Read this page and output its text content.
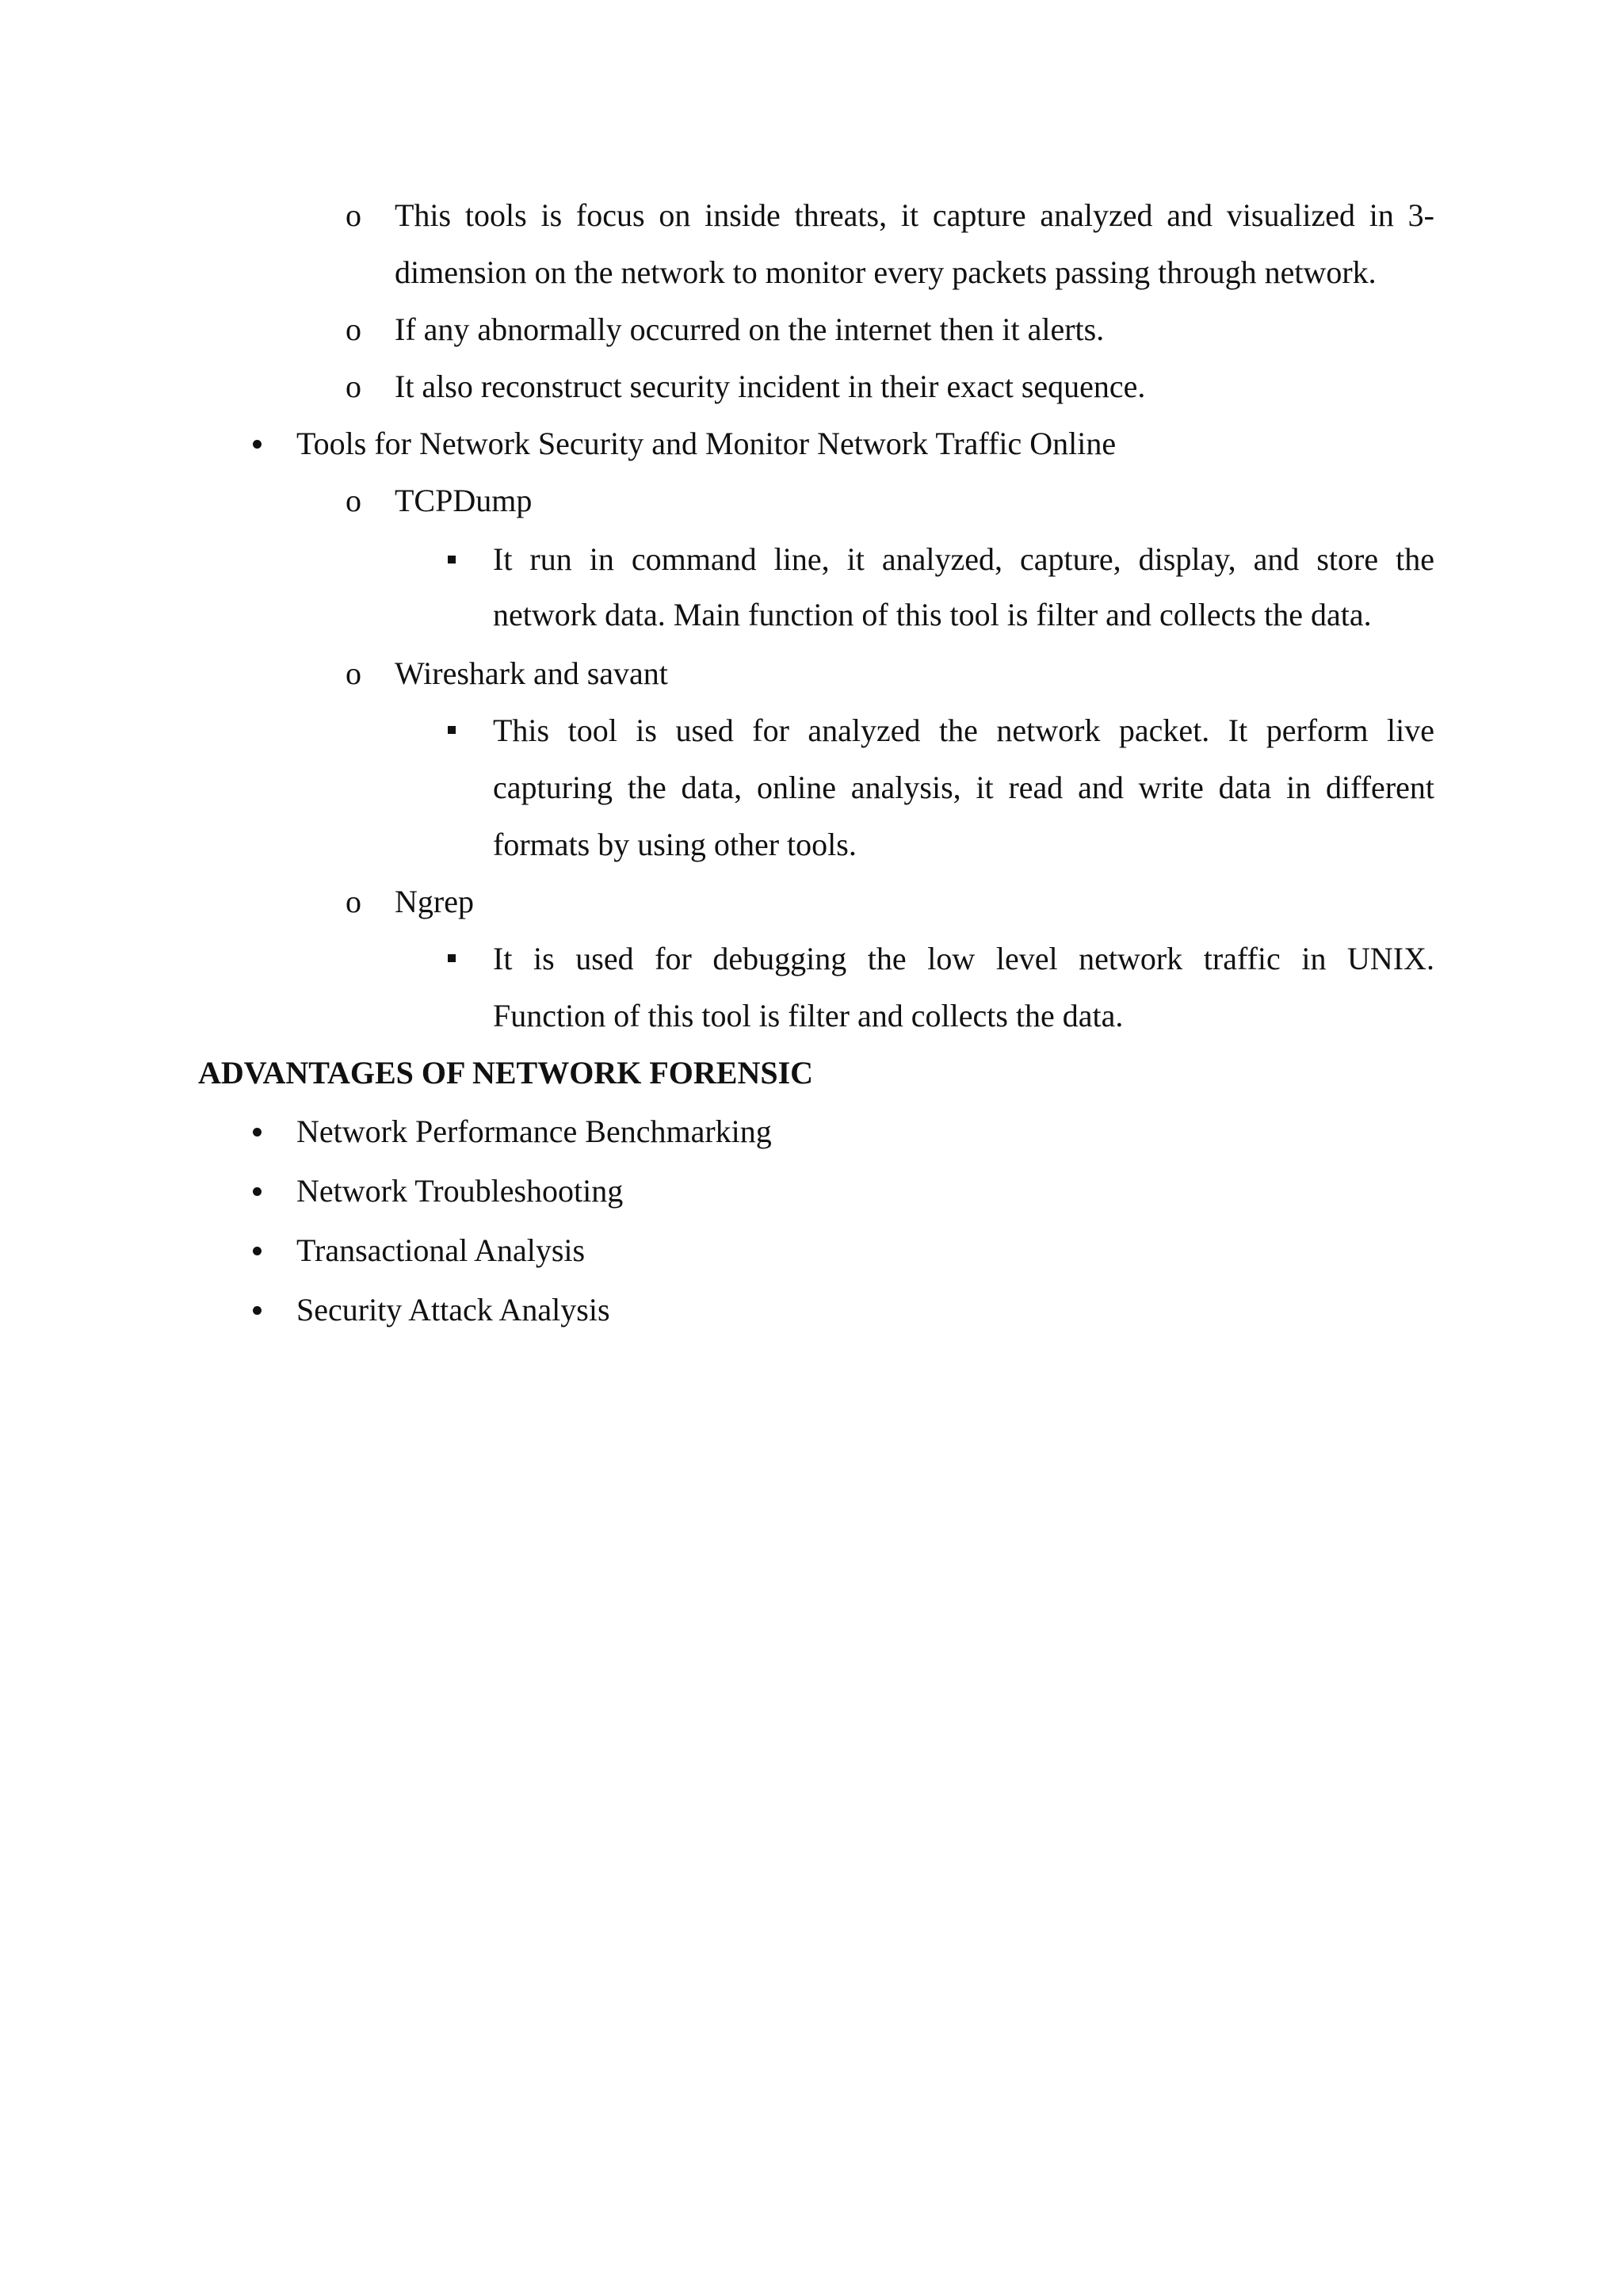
o This tools is focus on inside threats, it capture analyzed and visualized in 3-
dimension on the network to monitor every packets passing through network.
o If any abnormally occurred on the internet then it alerts.
o It also reconstruct security incident in their exact sequence.
Tools for Network Security and Monitor Network Traffic Online
o TCPDump
It run in command line, it analyzed, capture, display, and store the
network data. Main function of this tool is filter and collects the data.
o Wireshark and savant
This tool is used for analyzed the network packet. It perform live
capturing the data, online analysis, it read and write data in different
formats by using other tools.
o Ngrep
It is used for debugging the low level network traffic in UNIX.
Function of this tool is filter and collects the data.
ADVANTAGES OF NETWORK FORENSIC
Network Performance Benchmarking
Network Troubleshooting
Transactional Analysis
Security Attack Analysis
